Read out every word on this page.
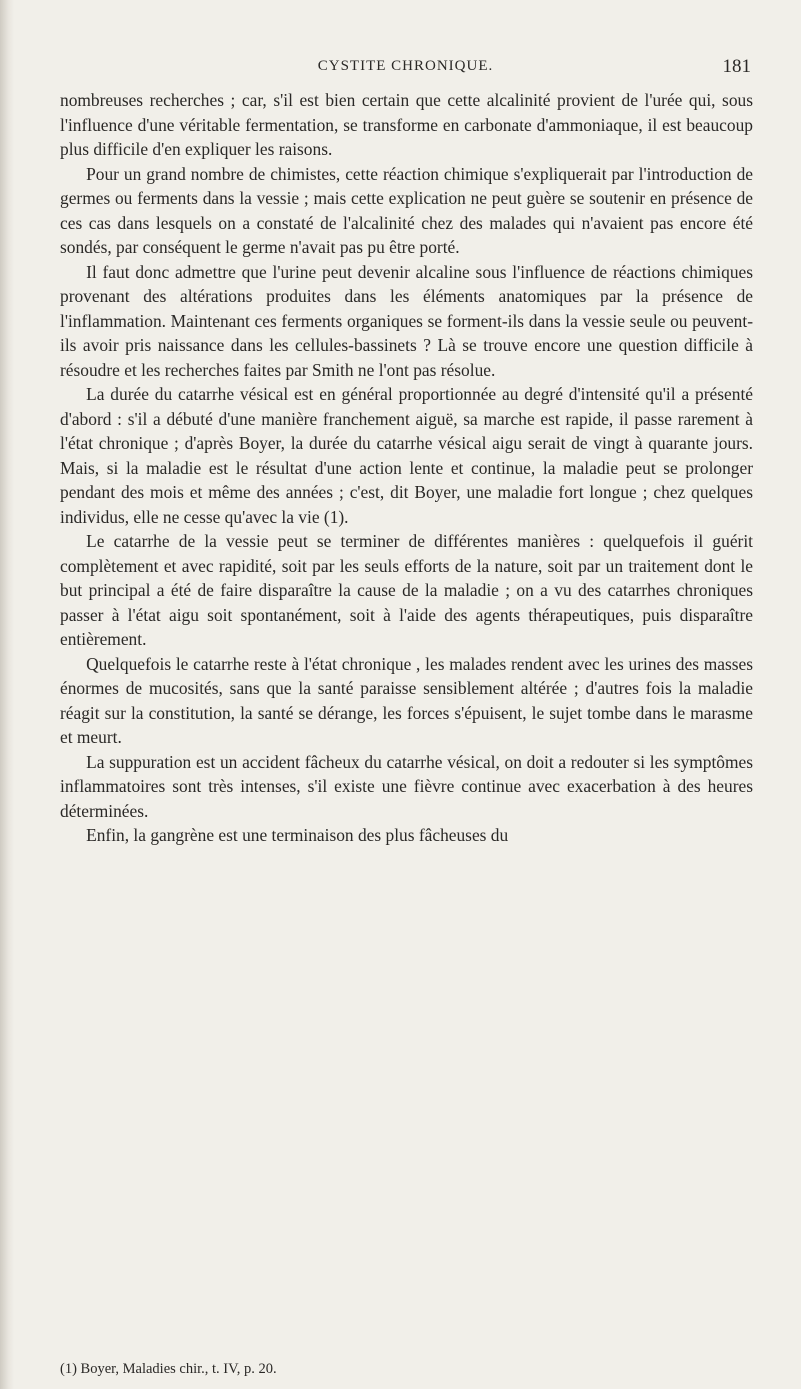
CYSTITE CHRONIQUE.	181

nombreuses recherches ; car, s'il est bien certain que cette alcalinité provient de l'urée qui, sous l'influence d'une véritable fermentation, se transforme en carbonate d'ammoniaque, il est beaucoup plus difficile d'en expliquer les raisons.

Pour un grand nombre de chimistes, cette réaction chimique s'expliquerait par l'introduction de germes ou ferments dans la vessie ; mais cette explication ne peut guère se soutenir en présence de ces cas dans lesquels on a constaté de l'alcalinité chez des malades qui n'avaient pas encore été sondés, par conséquent le germe n'avait pas pu être porté.

Il faut donc admettre que l'urine peut devenir alcaline sous l'influence de réactions chimiques provenant des altérations produites dans les éléments anatomiques par la présence de l'inflammation. Maintenant ces ferments organiques se forment-ils dans la vessie seule ou peuvent-ils avoir pris naissance dans les cellules-bassinets ? Là se trouve encore une question difficile à résoudre et les recherches faites par Smith ne l'ont pas résolue.

La durée du catarrhe vésical est en général proportionnée au degré d'intensité qu'il a présenté d'abord : s'il a débuté d'une manière franchement aiguë, sa marche est rapide, il passe rarement à l'état chronique ; d'après Boyer, la durée du catarrhe vésical aigu serait de vingt à quarante jours. Mais, si la maladie est le résultat d'une action lente et continue, la maladie peut se prolonger pendant des mois et même des années ; c'est, dit Boyer, une maladie fort longue ; chez quelques individus, elle ne cesse qu'avec la vie (1).

Le catarrhe de la vessie peut se terminer de différentes manières : quelquefois il guérit complètement et avec rapidité, soit par les seuls efforts de la nature, soit par un traitement dont le but principal a été de faire disparaître la cause de la maladie ; on a vu des catarrhes chroniques passer à l'état aigu soit spontanément, soit à l'aide des agents thérapeutiques, puis disparaître entièrement.

Quelquefois le catarrhe reste à l'état chronique , les malades rendent avec les urines des masses énormes de mucosités, sans que la santé paraisse sensiblement altérée ; d'autres fois la maladie réagit sur la constitution, la santé se dérange, les forces s'épuisent, le sujet tombe dans le marasme et meurt.

La suppuration est un accident fâcheux du catarrhe vésical, on doit a redouter si les symptômes inflammatoires sont très intenses, s'il existe une fièvre continue avec exacerbation à des heures déterminées.

Enfin, la gangrène est une terminaison des plus fâcheuses du

(1) Boyer, Maladies chir., t. IV, p. 20.
